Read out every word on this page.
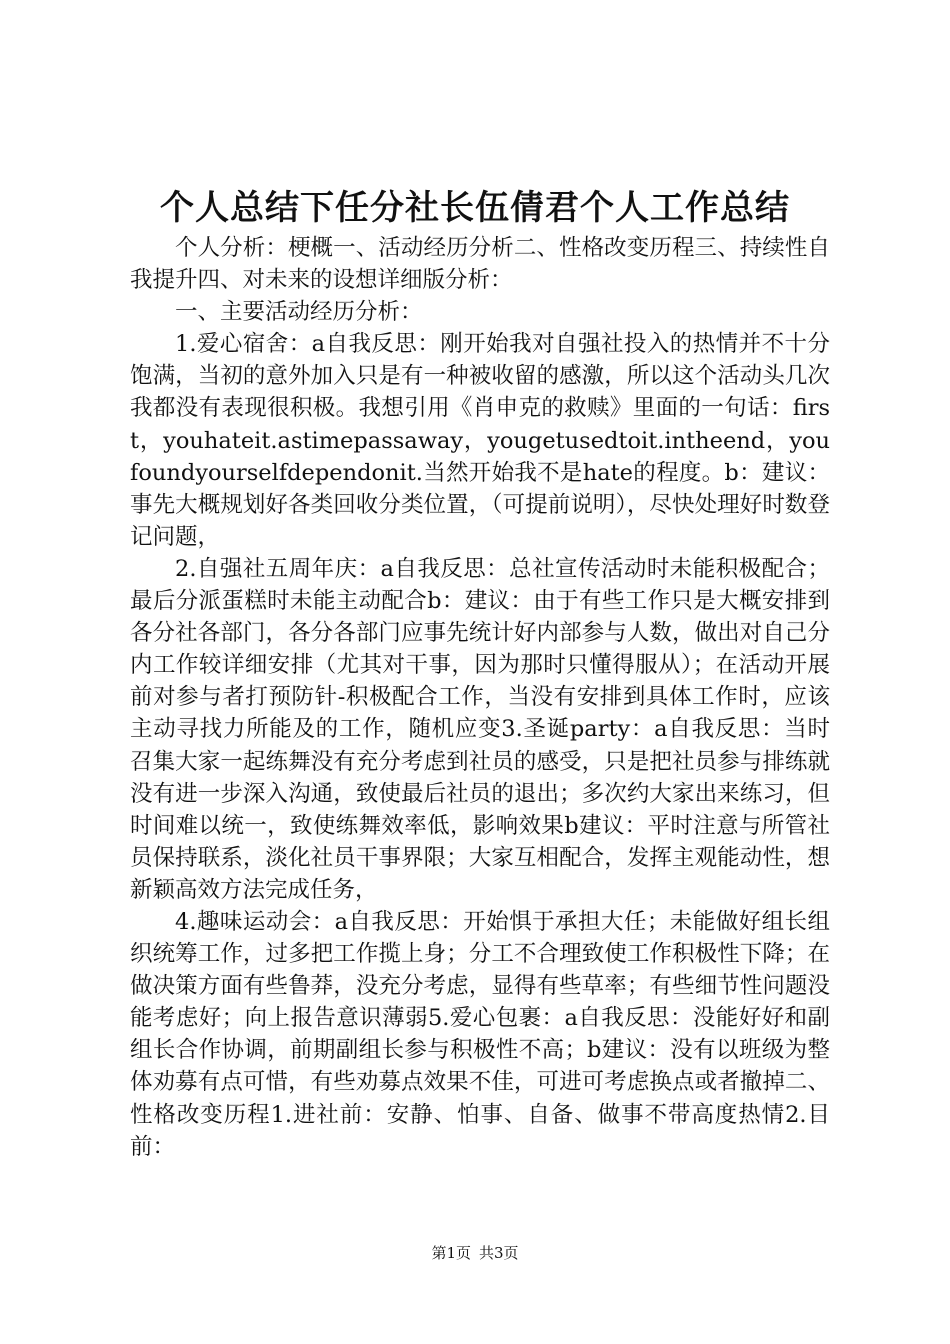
个人总结下任分社长伍倩君个人工作总结

个人分析：梗概一、活动经历分析二、性格改变历程三、持续性自我提升四、对未来的设想详细版分析：

一、主要活动经历分析：

1.爱心宿舍：a自我反思：刚开始我对自强社投入的热情并不十分饱满，当初的意外加入只是有一种被收留的感激，所以这个活动头几次我都没有表现很积极。我想引用《肖申克的救赎》里面的一句话：first，youhateit.astimepassaway，yougetusedtoit.intheend，youfoundyourselfdependonit.当然开始我不是hate的程度。b：建议：事先大概规划好各类回收分类位置，（可提前说明），尽快处理好时数登记问题，

2.自强社五周年庆：a自我反思：总社宣传活动时未能积极配合；最后分派蛋糕时未能主动配合b：建议：由于有些工作只是大概安排到各分社各部门，各分各部门应事先统计好内部参与人数，做出对自己分内工作较详细安排（尤其对干事，因为那时只懂得服从）；在活动开展前对参与者打预防针-积极配合工作，当没有安排到具体工作时，应该主动寻找力所能及的工作，随机应变3.圣诞party：a自我反思：当时召集大家一起练舞没有充分考虑到社员的感受，只是把社员参与排练就没有进一步深入沟通，致使最后社员的退出；多次约大家出来练习，但时间难以统一，致使练舞效率低，影响效果b建议：平时注意与所管社员保持联系，淡化社员干事界限；大家互相配合，发挥主观能动性，想新颖高效方法完成任务，

4.趣味运动会：a自我反思：开始惧于承担大任；未能做好组长组织统筹工作，过多把工作揽上身；分工不合理致使工作积极性下降；在做决策方面有些鲁莽，没充分考虑，显得有些草率；有些细节性问题没能考虑好；向上报告意识薄弱5.爱心包裹：a自我反思：没能好好和副组长合作协调，前期副组长参与积极性不高；b建议：没有以班级为整体劝募有点可惜，有些劝募点效果不佳，可进可考虑换点或者撤掉二、性格改变历程1.进社前：安静、怕事、自备、做事不带高度热情2.目前：

第1页 共3页
